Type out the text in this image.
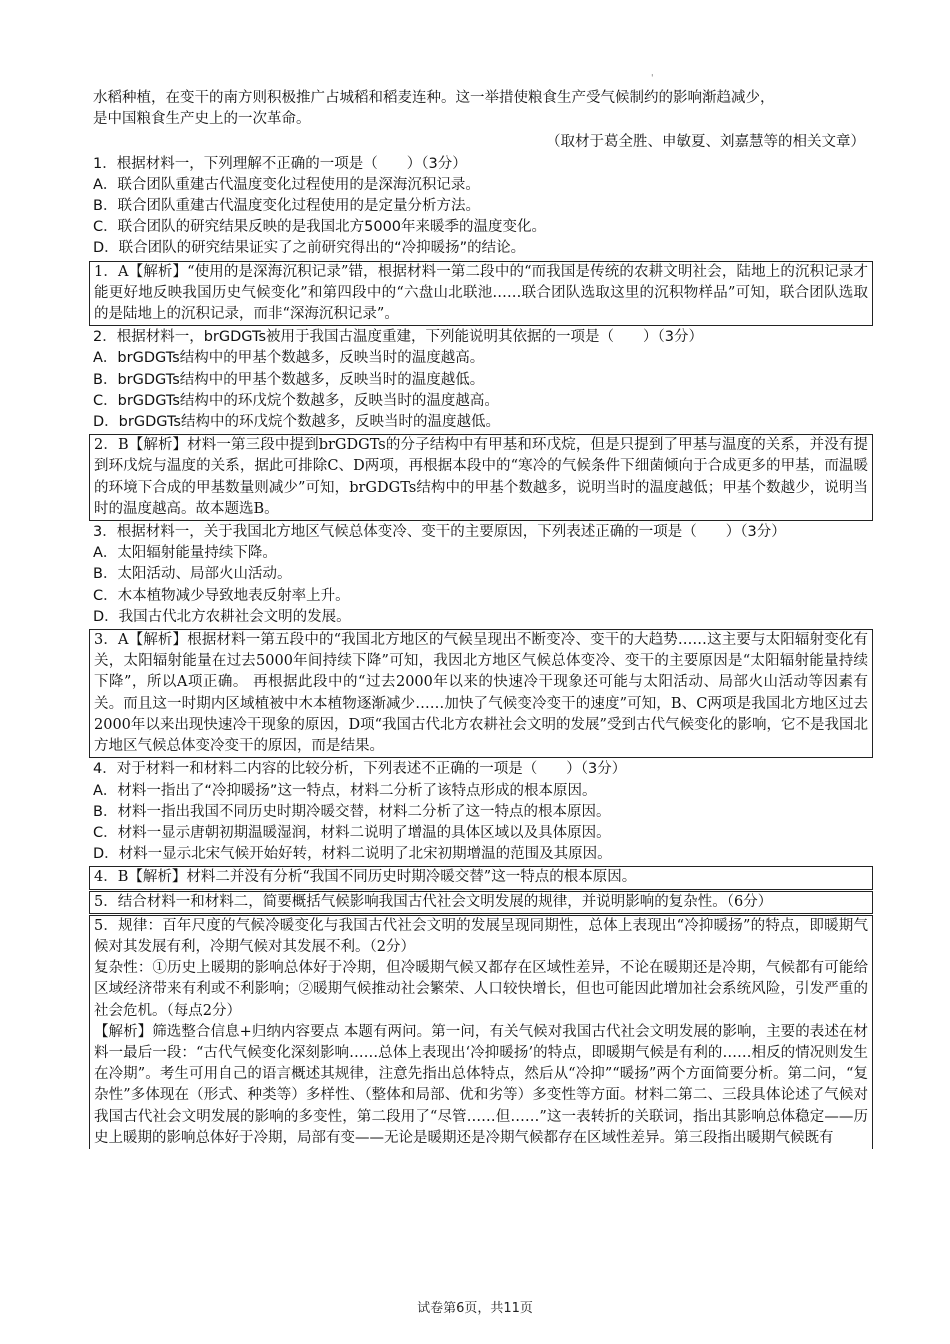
'

水稻种植，在变干的南方则积极推广占城稻和稻麦连种。这一举措使粮食生产受气候制约的影响渐趋减少，

是中国粮食生产史上的一次革命。

（取材于葛全胜、申敏夏、刘嘉慧等的相关文章）

1．根据材料一，下列理解不正确的一项是（　　）（3分）

A．联合团队重建古代温度变化过程使用的是深海沉积记录。

B．联合团队重建古代温度变化过程使用的是定量分析方法。

C．联合团队的研究结果反映的是我国北方5000年来暖季的温度变化。

D．联合团队的研究结果证实了之前研究得出的“冷抑暖扬”的结论。

1．A【解析】“使用的是深海沉积记录”错，根据材料一第二段中的“而我国是传统的农耕文明社会，陆地上的沉积记录才能更好地反映我国历史气候变化”和第四段中的“六盘山北联池……联合团队选取这里的沉积物样品”可知，联合团队选取的是陆地上的沉积记录，而非“深海沉积记录”。

2．根据材料一，brGDGTs被用于我国古温度重建，下列能说明其依据的一项是（　　）（3分）

A．brGDGTs结构中的甲基个数越多，反映当时的温度越高。

B．brGDGTs结构中的甲基个数越多，反映当时的温度越低。

C．brGDGTs结构中的环戊烷个数越多，反映当时的温度越高。

D．brGDGTs结构中的环戊烷个数越多，反映当时的温度越低。

2．B【解析】材料一第三段中提到brGDGTs的分子结构中有甲基和环戊烷，但是只提到了甲基与温度的关系，并没有提到环戊烷与温度的关系，据此可排除C、D两项，再根据本段中的“寒冷的气候条件下细菌倾向于合成更多的甲基，而温暖的环境下合成的甲基数量则减少”可知，brGDGTs结构中的甲基个数越多，说明当时的温度越低；甲基个数越少，说明当时的温度越高。故本题选B。

3．根据材料一，关于我国北方地区气候总体变冷、变干的主要原因，下列表述正确的一项是（　　）（3分）

A．太阳辐射能量持续下降。

B．太阳活动、局部火山活动。

C．木本植物减少导致地表反射率上升。

D．我国古代北方农耕社会文明的发展。

3．A【解析】根据材料一第五段中的“我国北方地区的气候呈现出不断变冷、变干的大趋势……这主要与太阳辐射变化有关，太阳辐射能量在过去5000年间持续下降”可知，我因北方地区气候总体变冷、变干的主要原因是“太阳辐射能量持续下降”，所以A项正确。 再根据此段中的“过去2000年以来的快速冷干现象还可能与太阳活动、局部火山活动等因素有关。而且这一时期内区域植被中木本植物逐渐减少……加快了气候变冷变干的速度”可知，B、C两项是我国北方地区过去2000年以来出现快速冷干现象的原因，D项“我国古代北方农耕社会文明的发展”受到古代气候变化的影响，它不是我国北方地区气候总体变冷变干的原因，而是结果。

4．对于材料一和材料二内容的比较分析，下列表述不正确的一项是（　　）（3分）

A．材料一指出了“冷抑暖扬”这一特点，材料二分析了该特点形成的根本原因。

B．材料一指出我国不同历史时期冷暖交替，材料二分析了这一特点的根本原因。

C．材料一显示唐朝初期温暖湿润，材料二说明了增温的具体区域以及具体原因。

D．材料一显示北宋气候开始好转，材料二说明了北宋初期增温的范围及其原因。

4．B【解析】材料二并没有分析“我国不同历史时期冷暖交替”这一特点的根本原因。

5．结合材料一和材料二，简要概括气候影响我国古代社会文明发展的规律，并说明影响的复杂性。（6分）

5．规律：百年尺度的气候冷暖变化与我国古代社会文明的发展呈现同期性，总体上表现出“冷抑暖扬”的特点，即暖期气候对其发展有利，冷期气候对其发展不利。（2分）

复杂性：①历史上暖期的影响总体好于冷期，但冷暖期气候又都存在区域性差异，不论在暖期还是冷期，气候都有可能给区域经济带来有利或不利影响；②暖期气候推动社会繁荣、人口较快增长，但也可能因此增加社会系统风险，引发严重的社会危机。（每点2分）

【解析】筛选整合信息+归纳内容要点 本题有两问。第一问，有关气候对我国古代社会文明发展的影响，主要的表述在材料一最后一段：“古代气候变化深刻影响……总体上表现出‘冷抑暖扬’的特点，即暖期气候是有利的……相反的情况则发生在冷期”。考生可用自己的语言概述其规律，注意先指出总体特点，然后从“冷抑”“暖扬”两个方面简要分析。第二问，“复杂性”多体现在（形式、种类等）多样性、（整体和局部、优和劣等）多变性等方面。材料二第二、三段具体论述了气候对我国古代社会文明发展的影响的多变性，第二段用了“尽管……但……”这一表转折的关联词，指出其影响总体稳定——历史上暖期的影响总体好于冷期，局部有变——无论是暖期还是冷期气候都存在区域性差异。第三段指出暖期气候既有

试卷第6页，共11页
